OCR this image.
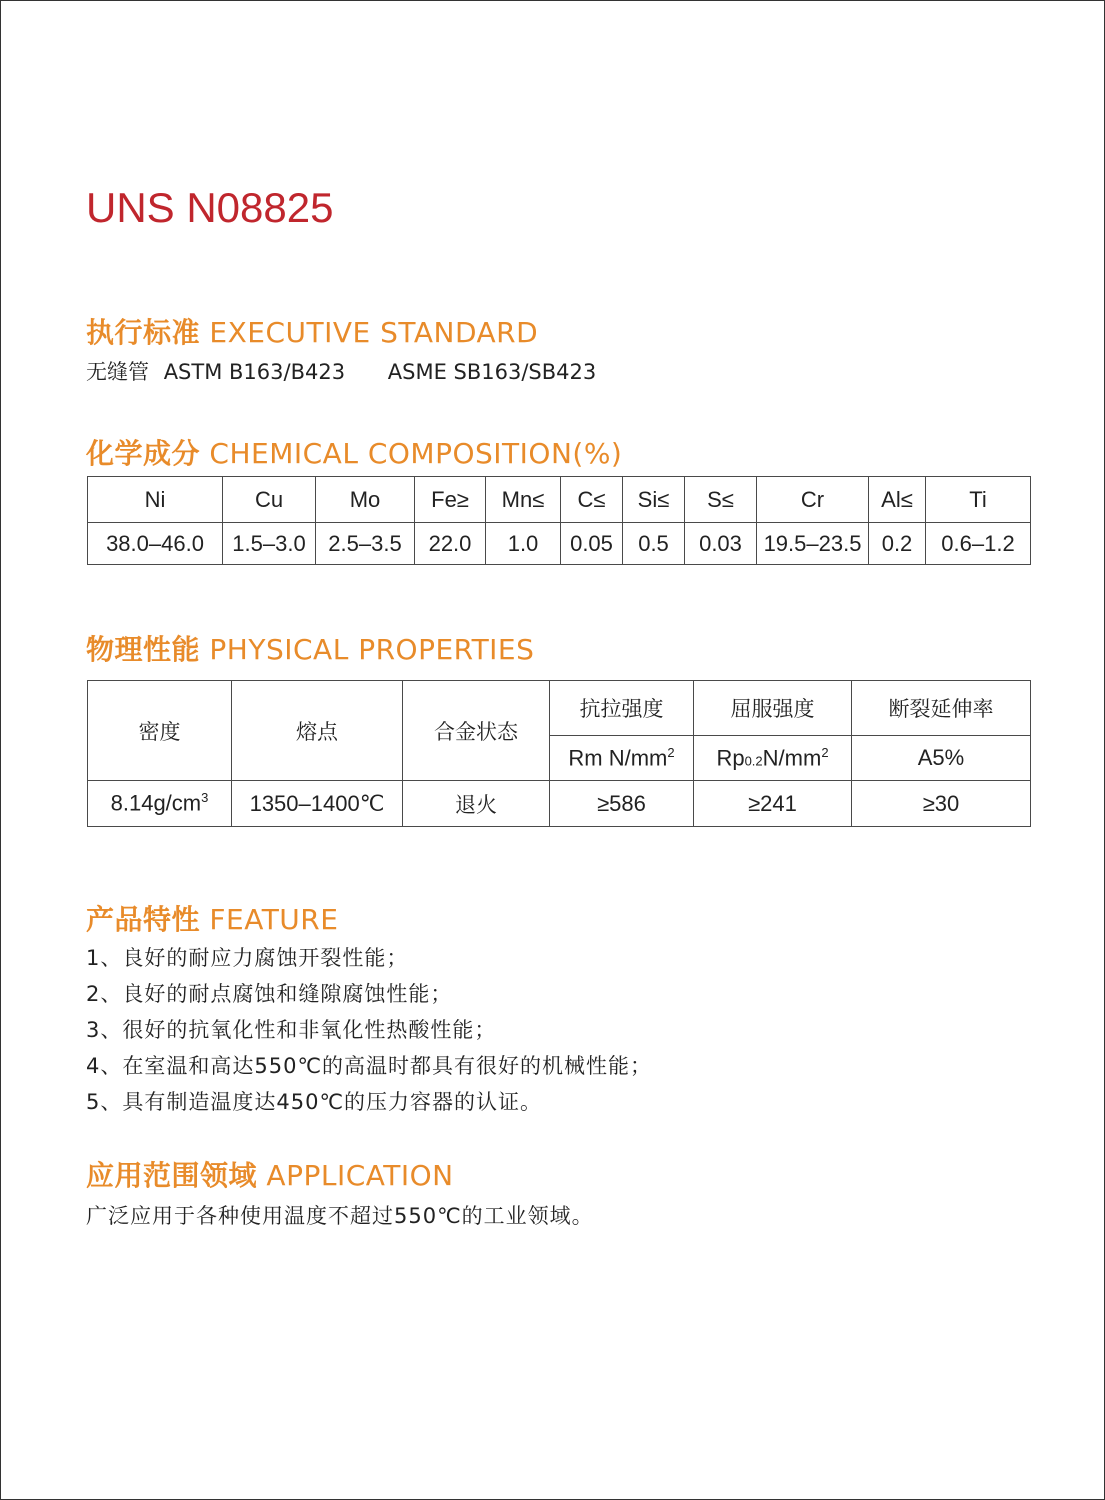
UNS N08825
执行标准 EXECUTIVE STANDARD
无缝管 ASTM B163/B423 ASME SB163/SB423
化学成分 CHEMICAL COMPOSITION(%)
Ni	Cu	Mo	Fe≥	Mn≤	C≤	Si≤	S≤	Cr	Al≤	Ti
38.0–46.0	1.5–3.0	2.5–3.5	22.0	1.0	0.05	0.5	0.03	19.5–23.5	0.2	0.6–1.2
物理性能 PHYSICAL PROPERTIES
密度	熔点	合金状态	抗拉强度	屈服强度	断裂延伸率
			Rm $N/mm^2$	$Rp0.2N/mm^2$	A5%
$8.14g/cm^3$	1350–1400℃	退火	≥586	≥241	≥30
产品特性 FEATURE
1、良好的耐应力腐蚀开裂性能；
2、良好的耐点腐蚀和缝隙腐蚀性能；
3、很好的抗氧化性和非氧化性热酸性能；
4、在室温和高达550℃的高温时都具有很好的机械性能；
5、具有制造温度达450℃的压力容器的认证。
应用范围领域 APPLICATION
广泛应用于各种使用温度不超过550℃的工业领域。
